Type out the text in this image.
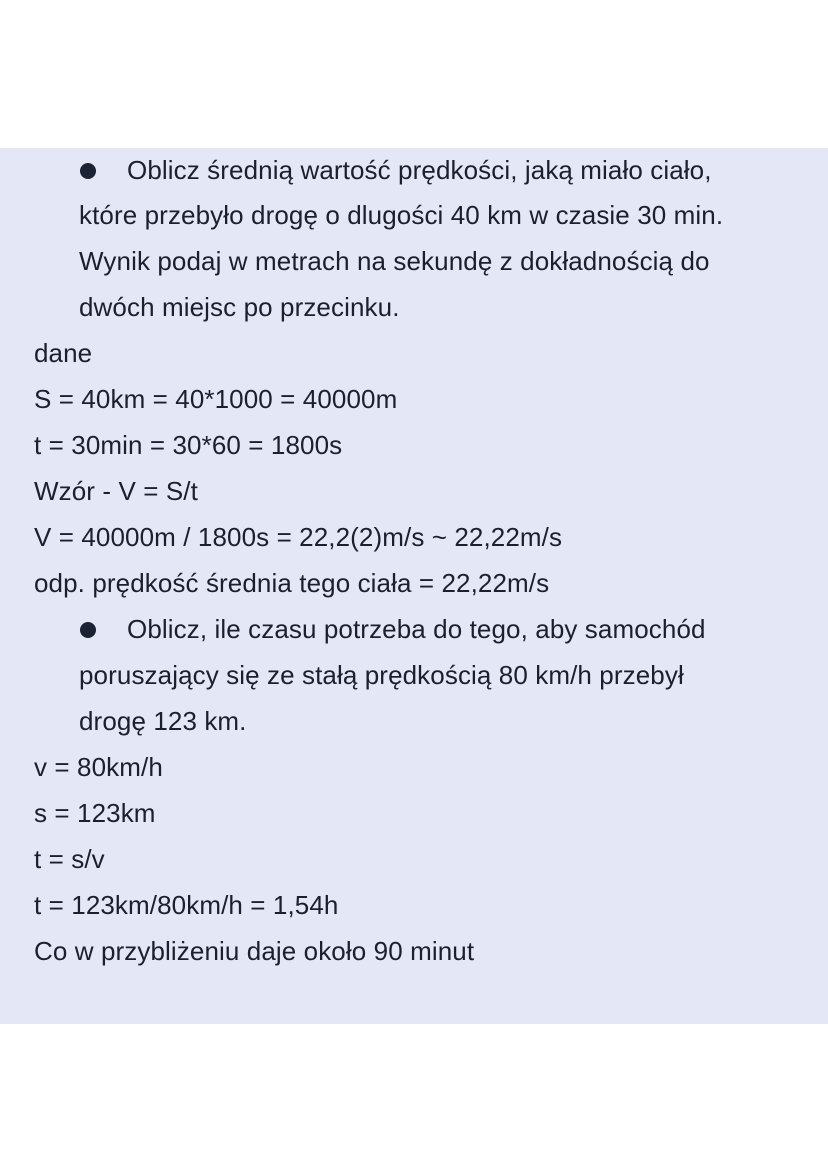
Oblicz średnią wartość prędkości, jaką miało ciało,
które przebyło drogę o dlugości 40 km w czasie 30 min.
Wynik podaj w metrach na sekundę z dokładnością do
dwóch miejsc po przecinku.
dane
S = 40km = 40*1000 = 40000m
t = 30min = 30*60 = 1800s
Wzór - V = S/t
V = 40000m / 1800s = 22,2(2)m/s ~ 22,22m/s
odp. prędkość średnia tego ciała = 22,22m/s
Oblicz, ile czasu potrzeba do tego, aby samochód
poruszający się ze stałą prędkością 80 km/h przebył
drogę 123 km.
v = 80km/h
s = 123km
t = s/v
t = 123km/80km/h = 1,54h
Co w przybliżeniu daje około 90 minut
